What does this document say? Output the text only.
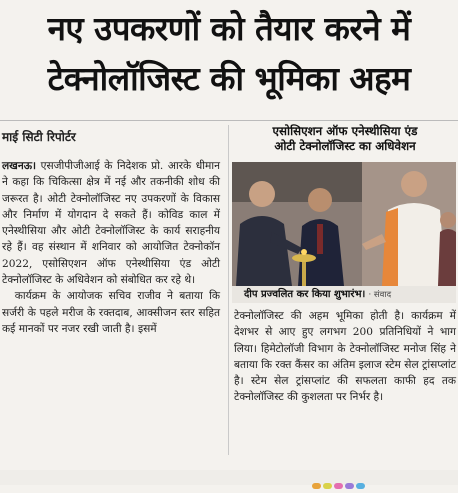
नए उपकरणों को तैयार करने में
टेक्नोलॉजिस्ट की भूमिका अहम
माई सिटी रिपोर्टर

लखनऊ। एसजीपीजीआई के निदेशक प्रो. आरके धीमान ने कहा कि चिकित्सा क्षेत्र में नई और तकनीकी शोध की जरूरत है। ओटी टेक्नोलॉजिस्ट नए उपकरणों के विकास और निर्माण में योगदान दे सकते हैं। कोविड काल में एनेस्थीसिया और ओटी टेक्नोलॉजिस्ट के कार्य सराहनीय रहे हैं। वह संस्थान में शनिवार को आयोजित टेक्नोकॉन 2022, एसोसिएशन ऑफ एनेस्थीसिया एंड ओटी टेक्नोलॉजिस्ट के अधिवेशन को संबोधित कर रहे थे।

कार्यक्रम के आयोजक सचिव राजीव ने बताया कि सर्जरी के पहले मरीज के रक्तदाब, आक्सीजन स्तर सहित कई मानकों पर नजर रखी जाती है। इसमें

एसोसिएशन ऑफ एनेस्थीसिया एंड
ओटी टेक्नोलॉजिस्ट का अधिवेशन
दीप प्रज्वलित कर किया शुभारंभ। · संवाद

टेक्नोलॉजिस्ट की अहम भूमिका होती है। कार्यक्रम में देशभर से आए हुए लगभग 200 प्रतिनिधियों ने भाग लिया। हिमेटोलॉजी विभाग के टेक्नोलॉजिस्ट मनोज सिंह ने बताया कि रक्त कैंसर का अंतिम इलाज स्टेम सेल ट्रांसप्लांट है। स्टेम सेल ट्रांसप्लांट की सफलता काफी हद तक टेक्नोलॉजिस्ट की कुशलता पर निर्भर है।
